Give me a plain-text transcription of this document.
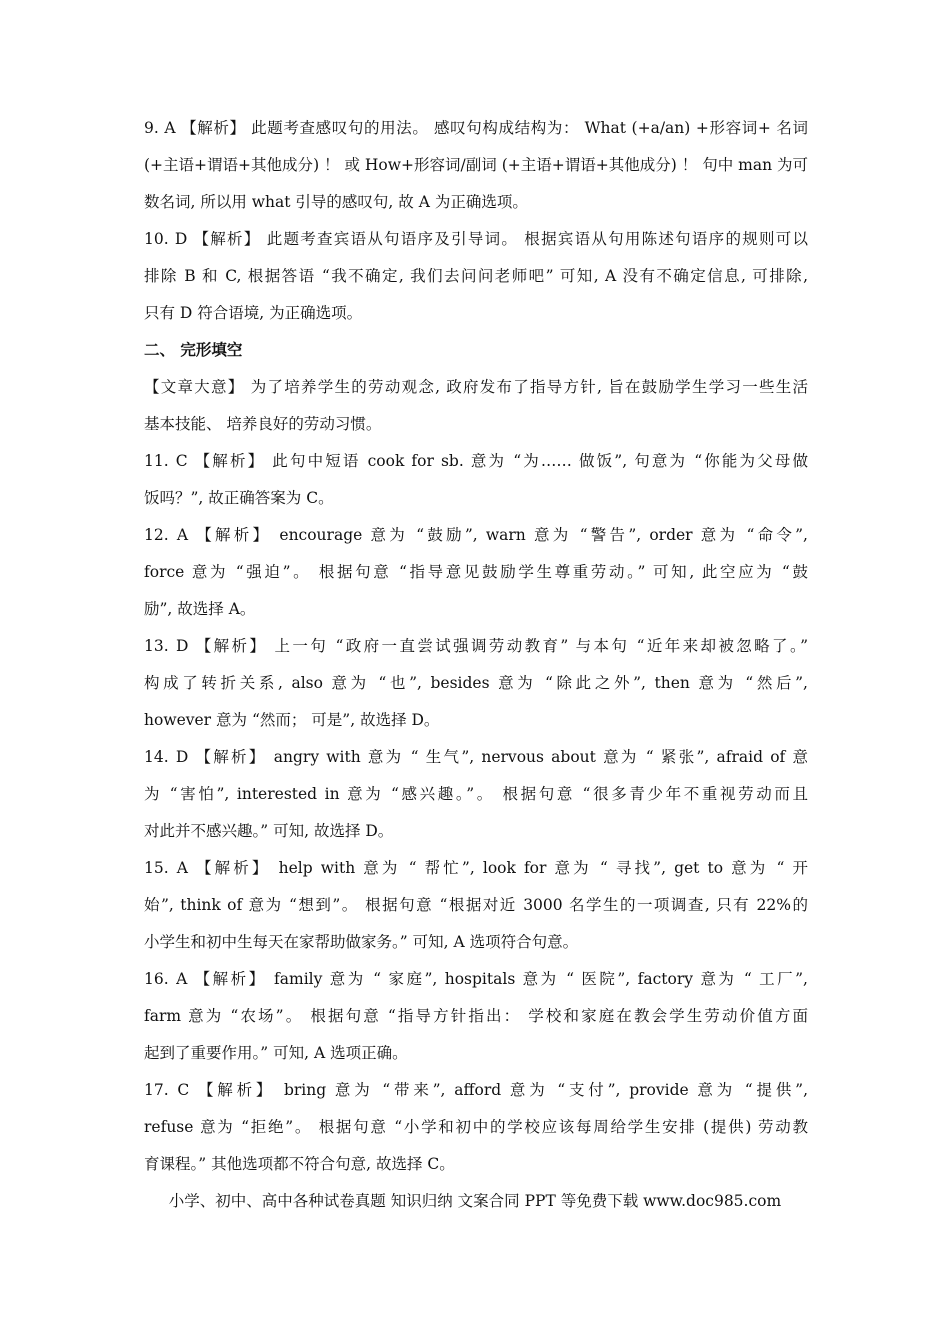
9. A 【解析】 此题考查感叹句的用法。 感叹句构成结构为： What (+a/an) +形容词+ 名词
(+主语+谓语+其他成分) ！ 或 How+形容词/副词 (+主语+谓语+其他成分) ！ 句中 man 为可
数名词, 所以用 what 引导的感叹句, 故 A 为正确选项。
10. D 【解析】 此题考查宾语从句语序及引导词。 根据宾语从句用陈述句语序的规则可以
排除 B 和 C, 根据答语 “我不确定, 我们去问问老师吧” 可知, A 没有不确定信息, 可排除,
只有 D 符合语境, 为正确选项。
二、 完形填空
【文章大意】 为了培养学生的劳动观念, 政府发布了指导方针, 旨在鼓励学生学习一些生活
基本技能、 培养良好的劳动习惯。
11. C 【解析】 此句中短语 cook for sb. 意为 “为…… 做饭”, 句意为 “你能为父母做
饭吗？”, 故正确答案为 C。
12. A 【解析】 encourage 意为 “鼓励”, warn 意为 “警告”, order 意为 “命令”,
force 意为 “强迫”。 根据句意 “指导意见鼓励学生尊重劳动。” 可知, 此空应为 “鼓
励”, 故选择 A。
13. D 【解析】 上一句 “政府一直尝试强调劳动教育” 与本句 “近年来却被忽略了。”
构成了转折关系, also 意为 “也”, besides 意为 “除此之外”, then 意为 “然后”,
however 意为 “然而； 可是”, 故选择 D。
14. D 【解析】 angry with 意为 “ 生气”, nervous about 意为 “ 紧张”, afraid of 意
为 “害怕”, interested in 意为 “感兴趣。”。 根据句意 “很多青少年不重视劳动而且
对此并不感兴趣。” 可知, 故选择 D。
15. A 【解析】 help with 意为 “ 帮忙”, look for 意为 “ 寻找”, get to 意为 “ 开
始”, think of 意为 “想到”。 根据句意 “根据对近 3000 名学生的一项调查, 只有 22%的
小学生和初中生每天在家帮助做家务。” 可知, A 选项符合句意。
16. A 【解析】 family 意为 “ 家庭”, hospitals 意为 “ 医院”, factory 意为 “ 工厂”,
farm 意为 “农场”。 根据句意 “指导方针指出： 学校和家庭在教会学生劳动价值方面
起到了重要作用。” 可知, A 选项正确。
17. C 【解析】 bring 意为 “带来”, afford 意为 “支付”, provide 意为 “提供”,
refuse 意为 “拒绝”。 根据句意 “小学和初中的学校应该每周给学生安排 (提供) 劳动教
育课程。” 其他选项都不符合句意, 故选择 C。
小学、初中、高中各种试卷真题 知识归纳 文案合同 PPT 等免费下载 www.doc985.com
